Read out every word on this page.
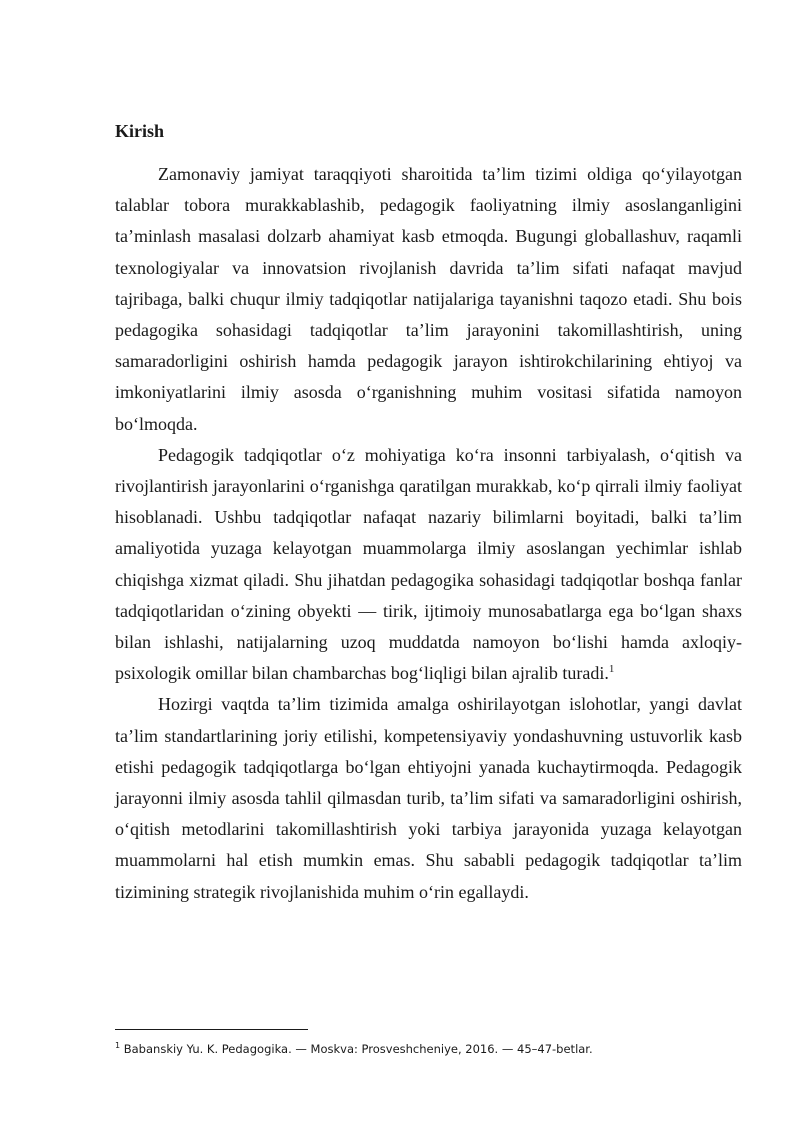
Kirish

Zamonaviy jamiyat taraqqiyoti sharoitida taʼlim tizimi oldiga qoʻyilayotgan talablar tobora murakkablashib, pedagogik faoliyatning ilmiy asoslanganligini taʼminlash masalasi dolzarb ahamiyat kasb etmoqda. Bugungi globallashuv, raqamli texnologiyalar va innovatsion rivojlanish davrida taʼlim sifati nafaqat mavjud tajribaga, balki chuqur ilmiy tadqiqotlar natijalariga tayanishni taqozo etadi. Shu bois pedagogika sohasidagi tadqiqotlar taʼlim jarayonini takomillashtirish, uning samaradorligini oshirish hamda pedagogik jarayon ishtirokchilarining ehtiyoj va imkoniyatlarini ilmiy asosda oʻrganishning muhim vositasi sifatida namoyon boʻlmoqda.

Pedagogik tadqiqotlar oʻz mohiyatiga koʻra insonni tarbiyalash, oʻqitish va rivojlantirish jarayonlarini oʻrganishga qaratilgan murakkab, koʻp qirrali ilmiy faoliyat hisoblanadi. Ushbu tadqiqotlar nafaqat nazariy bilimlarni boyitadi, balki taʼlim amaliyotida yuzaga kelayotgan muammolarga ilmiy asoslangan yechimlar ishlab chiqishga xizmat qiladi. Shu jihatdan pedagogika sohasidagi tadqiqotlar boshqa fanlar tadqiqotlaridan oʻzining obyekti — tirik, ijtimoiy munosabatlarga ega boʻlgan shaxs bilan ishlashi, natijalarning uzoq muddatda namoyon boʻlishi hamda axloqiy-psixologik omillar bilan chambarchas bogʻliqligi bilan ajralib turadi.$^1$

Hozirgi vaqtda taʼlim tizimida amalga oshirilayotgan islohotlar, yangi davlat taʼlim standartlarining joriy etilishi, kompetensiyaviy yondashuvning ustuvorlik kasb etishi pedagogik tadqiqotlarga boʻlgan ehtiyojni yanada kuchaytirmoqda. Pedagogik jarayonni ilmiy asosda tahlil qilmasdan turib, taʼlim sifati va samaradorligini oshirish, oʻqitish metodlarini takomillashtirish yoki tarbiya jarayonida yuzaga kelayotgan muammolarni hal etish mumkin emas. Shu sababli pedagogik tadqiqotlar taʼlim tizimining strategik rivojlanishida muhim oʻrin egallaydi.

$^1$ Babanskiy Yu. K. Pedagogika. — Moskva: Prosveshcheniye, 2016. — 45–47-betlar.
